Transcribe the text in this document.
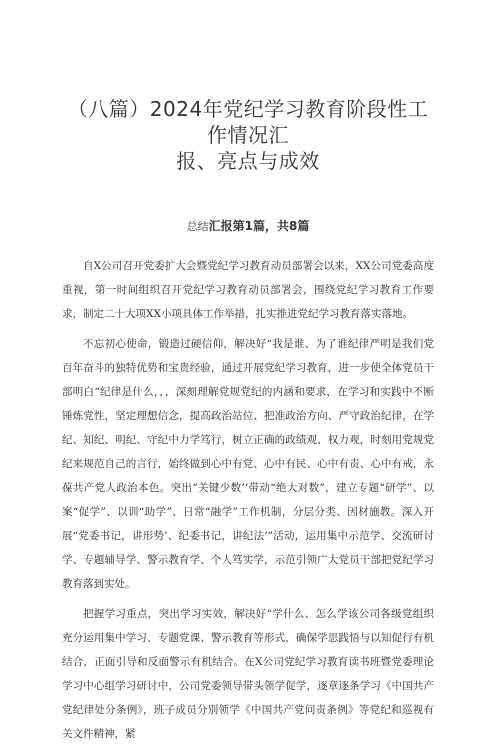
（八篇）2024年党纪学习教育阶段性工作情况汇
报、亮点与成效
总结汇报第1篇，共8篇

自X公司召开党委扩大会暨党纪学习教育动员部署会以来，XX公司党委高度重视，第一时间组织召开党纪学习教育动员部署会，围绕党纪学习教育工作要求，制定二十大项XX小项具体工作举措，扎实推进党纪学习教育落实落地。

不忘初心使命，锻造过硬信仰，解决好“我是谁、为了谁纪律严明是我们党百年奋斗的独特优势和宝贵经验，通过开展党纪学习教育，进一步使全体党员干部明白“纪律是什么，，，深刻理解党规党纪的内涵和要求，在学习和实践中不断锤炼党性，坚定理想信念，提高政治站位、把准政治方向、严守政治纪律，在学纪、知纪、明纪、守纪中力学笃行，树立正确的政绩观、权力观，时刻用党规党纪来规范自己的言行，始终做到心中有党、心中有民、心中有责、心中有戒，永葆共产党人政治本色。突出“关键少数’‘带动“绝大对数”，建立专题“研学”、以案“促学”、以训“助学”、日常“融学”工作机制，分层分类、因材施教。深入开展“党委书记，讲形势’、纪委书记，讲纪法’”活动，运用集中示范学、交流研讨学、专题辅导学、警示教育学、个人笃实学，示范引领广大党员干部把党纪学习教育落到实处。

把握学习重点，突出学习实效，解决好“学什么、怎么学该公司各级党组织充分运用集中学习、专题党课、警示教育等形式，确保学思践悟与以知促行有机结合，正面引导和反面警示有机结合。在X公司党纪学习教育读书班暨党委理论学习中心组学习研讨中，公司党委领导带头领学促学，逐章逐条学习《中国共产党纪律处分条例》，班子成员分别领学《中国共产党问责条例》等党纪和巡视有关文件精神，紧
